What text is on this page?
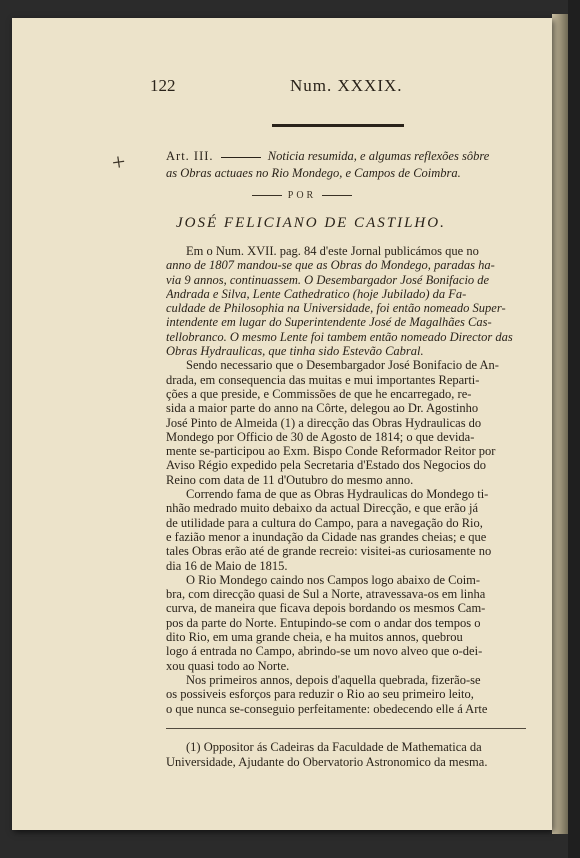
122	Num. XXXIX.
+	Art. III.	Noticia resumida, e algumas reflexões sôbre
as Obras actuaes no Rio Mondego, e Campos de Coimbra.
POR
JOSÉ FELICIANO DE CASTILHO.
Em o Num. XVII. pag. 84 d'este Jornal publicámos que no
anno de 1807 mandou-se que as Obras do Mondego, paradas ha-
via 9 annos, continuassem. O Desembargador José Bonifacio de
Andrada e Silva, Lente Cathedratico (hoje Jubilado) da Fa-
culdade de Philosophia na Universidade, foi então nomeado Super-
intendente em lugar do Superintendente José de Magalhães Cas-
tellobranco. O mesmo Lente foi tambem então nomeado Director das
Obras Hydraulicas, que tinha sido Estevão Cabral.
Sendo necessario que o Desembargador José Bonifacio de An-
drada, em consequencia das muitas e mui importantes Reparti-
ções a que preside, e Commissões de que he encarregado, re-
sida a maior parte do anno na Côrte, delegou ao Dr. Agostinho
José Pinto de Almeida (1) a direcção das Obras Hydraulicas do
Mondego por Officio de 30 de Agosto de 1814; o que devida-
mente se-participou ao Exm. Bispo Conde Reformador Reitor por
Aviso Régio expedido pela Secretaria d'Estado dos Negocios do
Reino com data de 11 d'Outubro do mesmo anno.
Correndo fama de que as Obras Hydraulicas do Mondego ti-
nhão medrado muito debaixo da actual Direcção, e que erão já
de utilidade para a cultura do Campo, para a navegação do Rio,
e fazião menor a inundação da Cidade nas grandes cheias; e que
tales Obras erão até de grande recreio: visitei-as curiosamente no
dia 16 de Maio de 1815.
O Rio Mondego caindo nos Campos logo abaixo de Coim-
bra, com direcção quasi de Sul a Norte, atravessava-os em linha
curva, de maneira que ficava depois bordando os mesmos Cam-
pos da parte do Norte. Entupindo-se com o andar dos tempos o
dito Rio, em uma grande cheia, e ha muitos annos, quebrou
logo á entrada no Campo, abrindo-se um novo alveo que o-dei-
xou quasi todo ao Norte.
Nos primeiros annos, depois d'aquella quebrada, fizerão-se
os possiveis esforços para reduzir o Rio ao seu primeiro leito,
o que nunca se-conseguio perfeitamente: obedecendo elle á Arte
(1) Oppositor ás Cadeiras da Faculdade de Mathematica da
Universidade, Ajudante do Obervatorio Astronomico da mesma.
